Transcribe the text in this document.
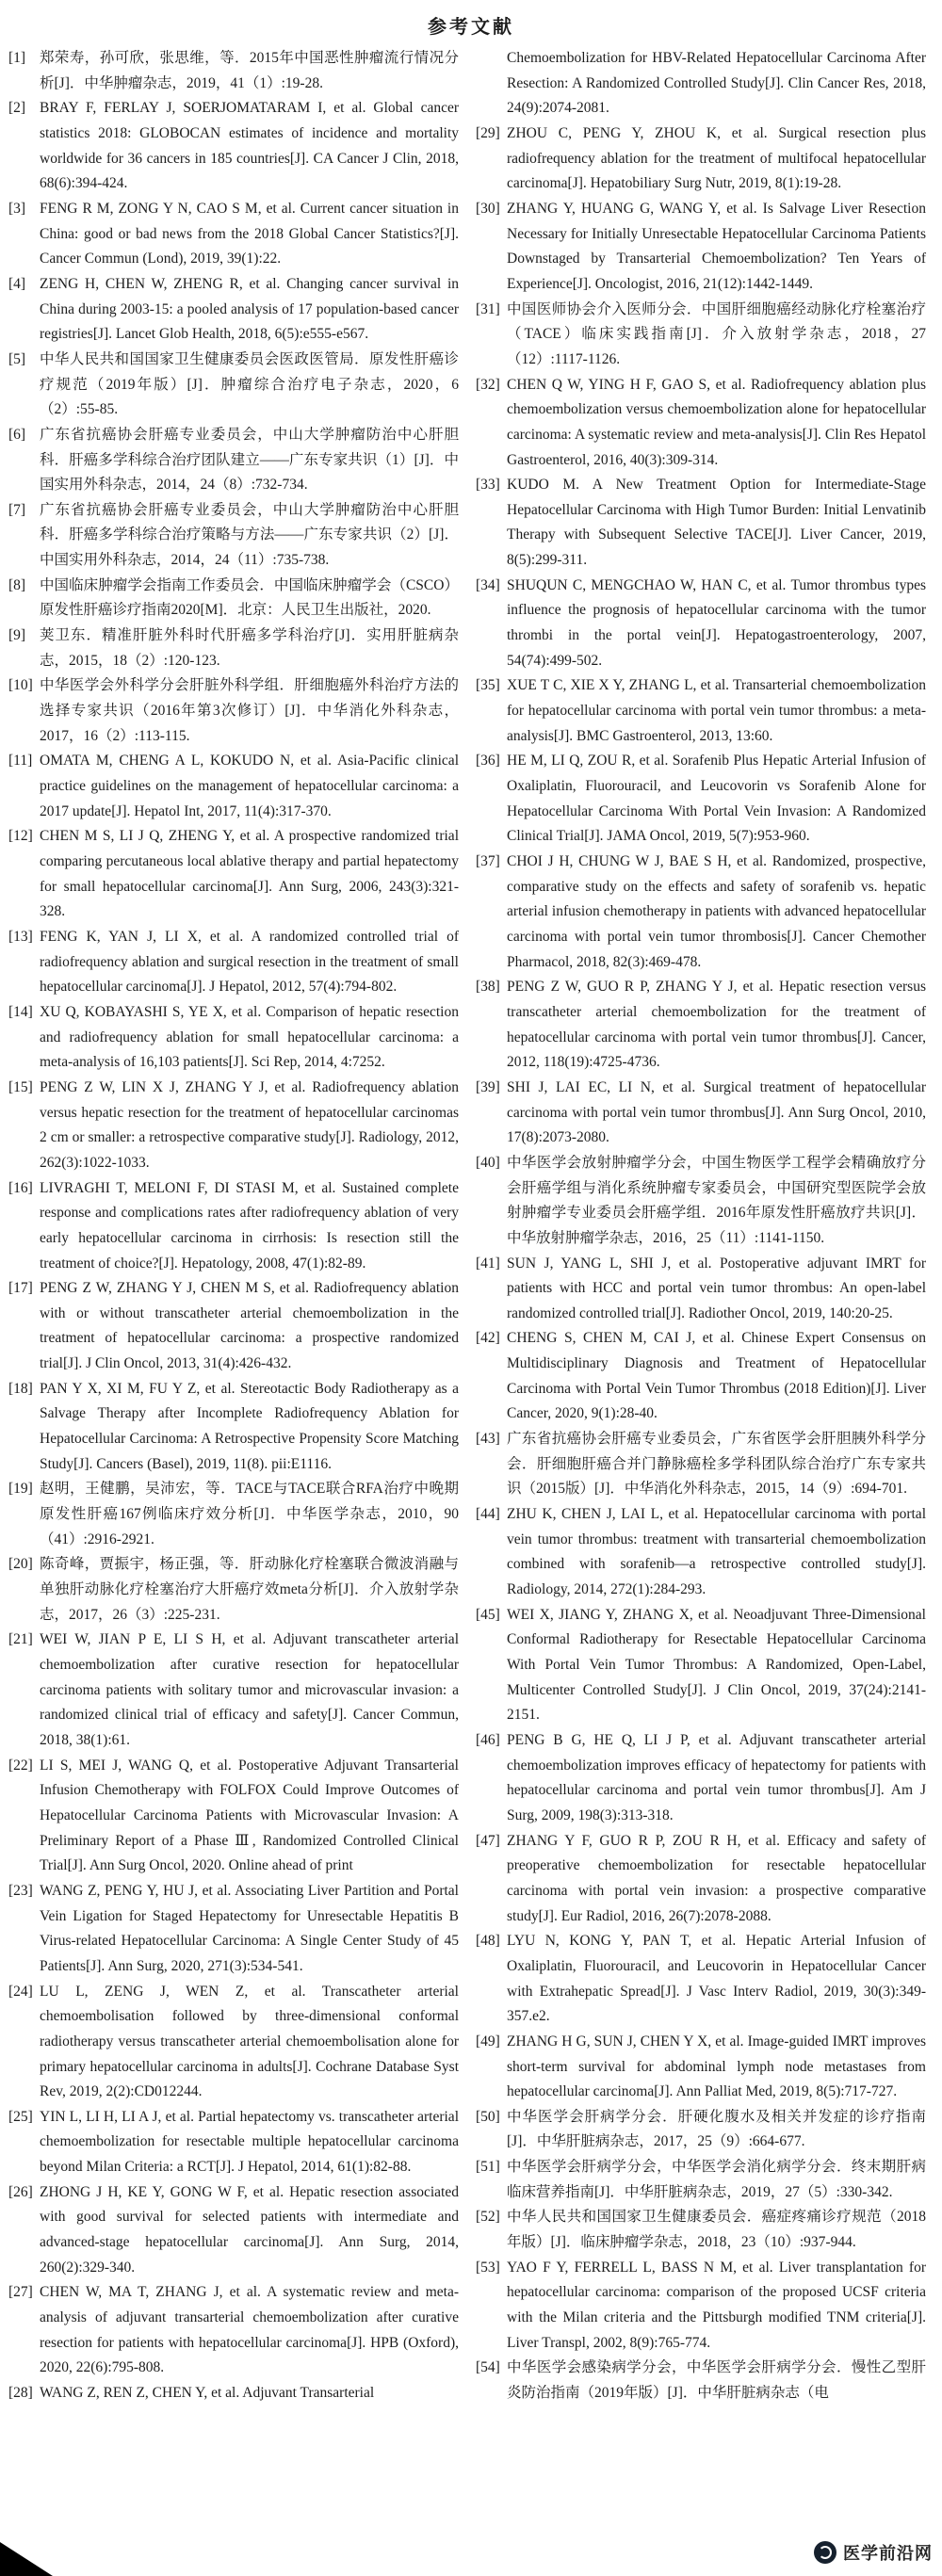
参考文献

[1] 郑荣寿，孙可欣，张思维，等．2015年中国恶性肿瘤流行情况分析[J]．中华肿瘤杂志，2019，41（1）:19-28.

[2] BRAY F, FERLAY J, SOERJOMATARAM I, et al. Global cancer statistics 2018: GLOBOCAN estimates of incidence and mortality worldwide for 36 cancers in 185 countries[J]. CA Cancer J Clin, 2018, 68(6):394-424.

[3] FENG R M, ZONG Y N, CAO S M, et al. Current cancer situation in China: good or bad news from the 2018 Global Cancer Statistics?[J]. Cancer Commun (Lond), 2019, 39(1):22.

[4] ZENG H, CHEN W, ZHENG R, et al. Changing cancer survival in China during 2003-15: a pooled analysis of 17 population-based cancer registries[J]. Lancet Glob Health, 2018, 6(5):e555-e567.

[5] 中华人民共和国国家卫生健康委员会医政医管局．原发性肝癌诊疗规范（2019年版）[J]．肿瘤综合治疗电子杂志，2020，6（2）:55-85.

[6] 广东省抗癌协会肝癌专业委员会，中山大学肿瘤防治中心肝胆科．肝癌多学科综合治疗团队建立——广东专家共识（1）[J]．中国实用外科杂志，2014，24（8）:732-734.

[7] 广东省抗癌协会肝癌专业委员会，中山大学肿瘤防治中心肝胆科．肝癌多学科综合治疗策略与方法——广东专家共识（2）[J]．中国实用外科杂志，2014，24（11）:735-738.

[8] 中国临床肿瘤学会指南工作委员会．中国临床肿瘤学会（CSCO）原发性肝癌诊疗指南2020[M]．北京：人民卫生出版社，2020.

[9] 荚卫东．精准肝脏外科时代肝癌多学科治疗[J]．实用肝脏病杂志，2015，18（2）:120-123.

[10] 中华医学会外科学分会肝脏外科学组．肝细胞癌外科治疗方法的选择专家共识（2016年第3次修订）[J]．中华消化外科杂志，2017，16（2）:113-115.

[11] OMATA M, CHENG A L, KOKUDO N, et al. Asia-Pacific clinical practice guidelines on the management of hepatocellular carcinoma: a 2017 update[J]. Hepatol Int, 2017, 11(4):317-370.

[12] CHEN M S, LI J Q, ZHENG Y, et al. A prospective randomized trial comparing percutaneous local ablative therapy and partial hepatectomy for small hepatocellular carcinoma[J]. Ann Surg, 2006, 243(3):321-328.

[13] FENG K, YAN J, LI X, et al. A randomized controlled trial of radiofrequency ablation and surgical resection in the treatment of small hepatocellular carcinoma[J]. J Hepatol, 2012, 57(4):794-802.

[14] XU Q, KOBAYASHI S, YE X, et al. Comparison of hepatic resection and radiofrequency ablation for small hepatocellular carcinoma: a meta-analysis of 16,103 patients[J]. Sci Rep, 2014, 4:7252.

[15] PENG Z W, LIN X J, ZHANG Y J, et al. Radiofrequency ablation versus hepatic resection for the treatment of hepatocellular carcinomas 2 cm or smaller: a retrospective comparative study[J]. Radiology, 2012, 262(3):1022-1033.

[16] LIVRAGHI T, MELONI F, DI STASI M, et al. Sustained complete response and complications rates after radiofrequency ablation of very early hepatocellular carcinoma in cirrhosis: Is resection still the treatment of choice?[J]. Hepatology, 2008, 47(1):82-89.

[17] PENG Z W, ZHANG Y J, CHEN M S, et al. Radiofrequency ablation with or without transcatheter arterial chemoembolization in the treatment of hepatocellular carcinoma: a prospective randomized trial[J]. J Clin Oncol, 2013, 31(4):426-432.

[18] PAN Y X, XI M, FU Y Z, et al. Stereotactic Body Radiotherapy as a Salvage Therapy after Incomplete Radiofrequency Ablation for Hepatocellular Carcinoma: A Retrospective Propensity Score Matching Study[J]. Cancers (Basel), 2019, 11(8). pii:E1116.

[19] 赵明，王健鹏，吴沛宏，等．TACE与TACE联合RFA治疗中晚期原发性肝癌167例临床疗效分析[J]．中华医学杂志，2010，90（41）:2916-2921.

[20] 陈奇峰，贾振宇，杨正强，等．肝动脉化疗栓塞联合微波消融与单独肝动脉化疗栓塞治疗大肝癌疗效meta分析[J]．介入放射学杂志，2017，26（3）:225-231.

[21] WEI W, JIAN P E, LI S H, et al. Adjuvant transcatheter arterial chemoembolization after curative resection for hepatocellular carcinoma patients with solitary tumor and microvascular invasion: a randomized clinical trial of efficacy and safety[J]. Cancer Commun, 2018, 38(1):61.

[22] LI S, MEI J, WANG Q, et al. Postoperative Adjuvant Transarterial Infusion Chemotherapy with FOLFOX Could Improve Outcomes of Hepatocellular Carcinoma Patients with Microvascular Invasion: A Preliminary Report of a Phase Ⅲ, Randomized Controlled Clinical Trial[J]. Ann Surg Oncol, 2020. Online ahead of print

[23] WANG Z, PENG Y, HU J, et al. Associating Liver Partition and Portal Vein Ligation for Staged Hepatectomy for Unresectable Hepatitis B Virus-related Hepatocellular Carcinoma: A Single Center Study of 45 Patients[J]. Ann Surg, 2020, 271(3):534-541.

[24] LU L, ZENG J, WEN Z, et al. Transcatheter arterial chemoembolisation followed by three-dimensional conformal radiotherapy versus transcatheter arterial chemoembolisation alone for primary hepatocellular carcinoma in adults[J]. Cochrane Database Syst Rev, 2019, 2(2):CD012244.

[25] YIN L, LI H, LI A J, et al. Partial hepatectomy vs. transcatheter arterial chemoembolization for resectable multiple hepatocellular carcinoma beyond Milan Criteria: a RCT[J]. J Hepatol, 2014, 61(1):82-88.

[26] ZHONG J H, KE Y, GONG W F, et al. Hepatic resection associated with good survival for selected patients with intermediate and advanced-stage hepatocellular carcinoma[J]. Ann Surg, 2014, 260(2):329-340.

[27] CHEN W, MA T, ZHANG J, et al. A systematic review and meta-analysis of adjuvant transarterial chemoembolization after curative resection for patients with hepatocellular carcinoma[J]. HPB (Oxford), 2020, 22(6):795-808.

[28] WANG Z, REN Z, CHEN Y, et al. Adjuvant Transarterial

Chemoembolization for HBV-Related Hepatocellular Carcinoma After Resection: A Randomized Controlled Study[J]. Clin Cancer Res, 2018, 24(9):2074-2081.

[29] ZHOU C, PENG Y, ZHOU K, et al. Surgical resection plus radiofrequency ablation for the treatment of multifocal hepatocellular carcinoma[J]. Hepatobiliary Surg Nutr, 2019, 8(1):19-28.

[30] ZHANG Y, HUANG G, WANG Y, et al. Is Salvage Liver Resection Necessary for Initially Unresectable Hepatocellular Carcinoma Patients Downstaged by Transarterial Chemoembolization? Ten Years of Experience[J]. Oncologist, 2016, 21(12):1442-1449.

[31] 中国医师协会介入医师分会．中国肝细胞癌经动脉化疗栓塞治疗（TACE）临床实践指南[J]．介入放射学杂志，2018，27（12）:1117-1126.

[32] CHEN Q W, YING H F, GAO S, et al. Radiofrequency ablation plus chemoembolization versus chemoembolization alone for hepatocellular carcinoma: A systematic review and meta-analysis[J]. Clin Res Hepatol Gastroenterol, 2016, 40(3):309-314.

[33] KUDO M. A New Treatment Option for Intermediate-Stage Hepatocellular Carcinoma with High Tumor Burden: Initial Lenvatinib Therapy with Subsequent Selective TACE[J]. Liver Cancer, 2019, 8(5):299-311.

[34] SHUQUN C, MENGCHAO W, HAN C, et al. Tumor thrombus types influence the prognosis of hepatocellular carcinoma with the tumor thrombi in the portal vein[J]. Hepatogastroenterology, 2007, 54(74):499-502.

[35] XUE T C, XIE X Y, ZHANG L, et al. Transarterial chemoembolization for hepatocellular carcinoma with portal vein tumor thrombus: a meta-analysis[J]. BMC Gastroenterol, 2013, 13:60.

[36] HE M, LI Q, ZOU R, et al. Sorafenib Plus Hepatic Arterial Infusion of Oxaliplatin, Fluorouracil, and Leucovorin vs Sorafenib Alone for Hepatocellular Carcinoma With Portal Vein Invasion: A Randomized Clinical Trial[J]. JAMA Oncol, 2019, 5(7):953-960.

[37] CHOI J H, CHUNG W J, BAE S H, et al. Randomized, prospective, comparative study on the effects and safety of sorafenib vs. hepatic arterial infusion chemotherapy in patients with advanced hepatocellular carcinoma with portal vein tumor thrombosis[J]. Cancer Chemother Pharmacol, 2018, 82(3):469-478.

[38] PENG Z W, GUO R P, ZHANG Y J, et al. Hepatic resection versus transcatheter arterial chemoembolization for the treatment of hepatocellular carcinoma with portal vein tumor thrombus[J]. Cancer, 2012, 118(19):4725-4736.

[39] SHI J, LAI EC, LI N, et al. Surgical treatment of hepatocellular carcinoma with portal vein tumor thrombus[J]. Ann Surg Oncol, 2010, 17(8):2073-2080.

[40] 中华医学会放射肿瘤学分会，中国生物医学工程学会精确放疗分会肝癌学组与消化系统肿瘤专家委员会，中国研究型医院学会放射肿瘤学专业委员会肝癌学组．2016年原发性肝癌放疗共识[J]．中华放射肿瘤学杂志，2016，25（11）:1141-1150.

[41] SUN J, YANG L, SHI J, et al. Postoperative adjuvant IMRT for patients with HCC and portal vein tumor thrombus: An open-label randomized controlled trial[J]. Radiother Oncol, 2019, 140:20-25.

[42] CHENG S, CHEN M, CAI J, et al. Chinese Expert Consensus on Multidisciplinary Diagnosis and Treatment of Hepatocellular Carcinoma with Portal Vein Tumor Thrombus (2018 Edition)[J]. Liver Cancer, 2020, 9(1):28-40.

[43] 广东省抗癌协会肝癌专业委员会，广东省医学会肝胆胰外科学分会．肝细胞肝癌合并门静脉癌栓多学科团队综合治疗广东专家共识（2015版）[J]．中华消化外科杂志，2015，14（9）:694-701.

[44] ZHU K, CHEN J, LAI L, et al. Hepatocellular carcinoma with portal vein tumor thrombus: treatment with transarterial chemoembolization combined with sorafenib—a retrospective controlled study[J]. Radiology, 2014, 272(1):284-293.

[45] WEI X, JIANG Y, ZHANG X, et al. Neoadjuvant Three-Dimensional Conformal Radiotherapy for Resectable Hepatocellular Carcinoma With Portal Vein Tumor Thrombus: A Randomized, Open-Label, Multicenter Controlled Study[J]. J Clin Oncol, 2019, 37(24):2141-2151.

[46] PENG B G, HE Q, LI J P, et al. Adjuvant transcatheter arterial chemoembolization improves efficacy of hepatectomy for patients with hepatocellular carcinoma and portal vein tumor thrombus[J]. Am J Surg, 2009, 198(3):313-318.

[47] ZHANG Y F, GUO R P, ZOU R H, et al. Efficacy and safety of preoperative chemoembolization for resectable hepatocellular carcinoma with portal vein invasion: a prospective comparative study[J]. Eur Radiol, 2016, 26(7):2078-2088.

[48] LYU N, KONG Y, PAN T, et al. Hepatic Arterial Infusion of Oxaliplatin, Fluorouracil, and Leucovorin in Hepatocellular Cancer with Extrahepatic Spread[J]. J Vasc Interv Radiol, 2019, 30(3):349-357.e2.

[49] ZHANG H G, SUN J, CHEN Y X, et al. Image-guided IMRT improves short-term survival for abdominal lymph node metastases from hepatocellular carcinoma[J]. Ann Palliat Med, 2019, 8(5):717-727.

[50] 中华医学会肝病学分会．肝硬化腹水及相关并发症的诊疗指南[J]．中华肝脏病杂志，2017，25（9）:664-677.

[51] 中华医学会肝病学分会，中华医学会消化病学分会．终末期肝病临床营养指南[J]．中华肝脏病杂志，2019，27（5）:330-342.

[52] 中华人民共和国国家卫生健康委员会．癌症疼痛诊疗规范（2018年版）[J]．临床肿瘤学杂志，2018，23（10）:937-944.

[53] YAO F Y, FERRELL L, BASS N M, et al. Liver transplantation for hepatocellular carcinoma: comparison of the proposed UCSF criteria with the Milan criteria and the Pittsburgh modified TNM criteria[J]. Liver Transpl, 2002, 8(9):765-774.

[54] 中华医学会感染病学分会，中华医学会肝病学分会．慢性乙型肝炎防治指南（2019年版）[J]．中华肝脏病杂志（电

医学前沿网
